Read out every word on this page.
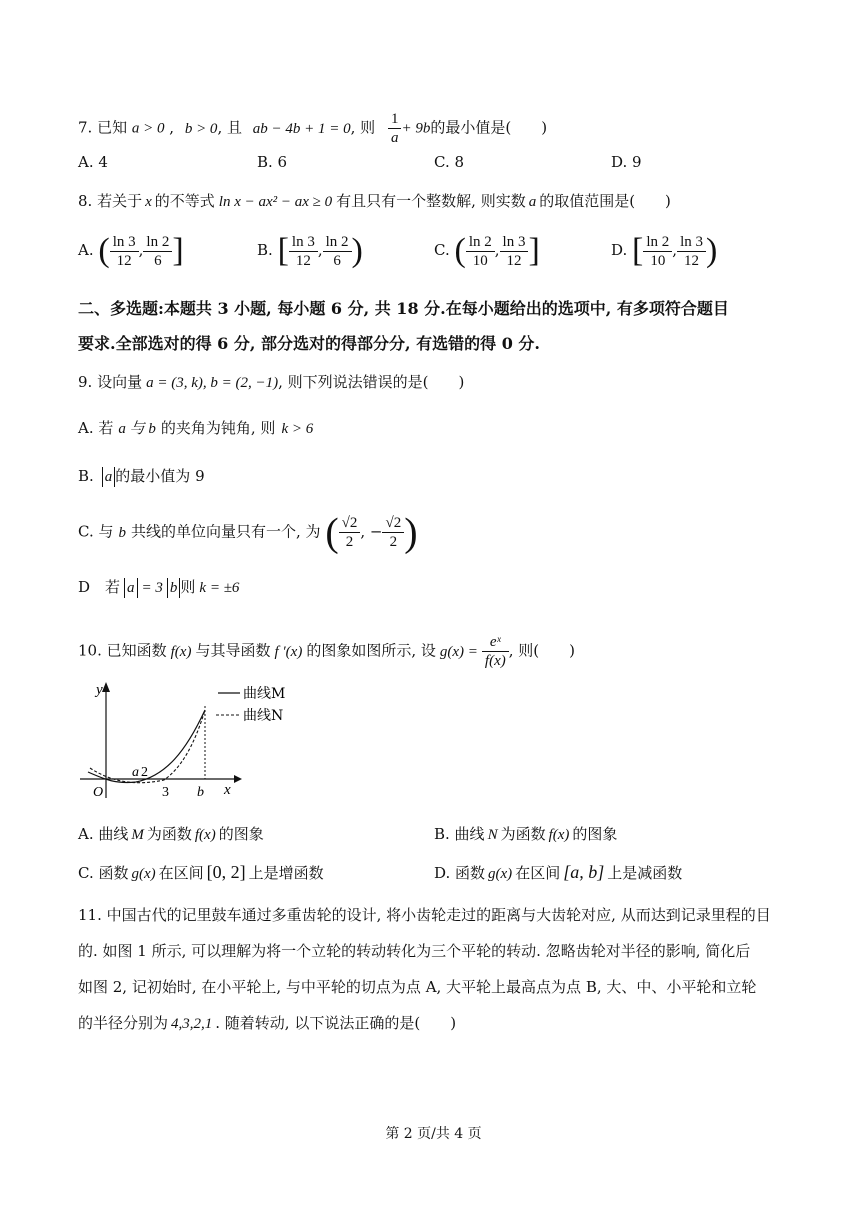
7. 已知 a > 0 , b > 0, 且 ab − 4b + 1 = 0, 则 $\frac{1}{a} + 9b$的最小值是(　　)
A. 4	B. 6	C. 8	D. 9
8. 若关于 x 的不等式 ln x − ax² − ax ≥ 0 有且只有一个整数解, 则实数 a 的取值范围是(　　)
A. ( $\frac{\ln 3}{12}$ , $\frac{\ln 2}{6}$ ]	B. [ $\frac{\ln 3}{12}$ , $\frac{\ln 2}{6}$ )	C. ( $\frac{\ln 2}{10}$ , $\frac{\ln 3}{12}$ ]	D. [ $\frac{\ln 2}{10}$ , $\frac{\ln 3}{12}$ )
二、多选题:本题共 3 小题, 每小题 6 分, 共 18 分.在每小题给出的选项中, 有多项符合题目
要求.全部选对的得 6 分, 部分选对的得部分分, 有选错的得 0 分.
9. 设向量 a = (3, k), b = (2, −1), 则下列说法错误的是(　　)
A. 若 a 与 b 的夹角为钝角, 则 k > 6
B. a 的最小值为 9
C. 与 b 共线的单位向量只有一个, 为 ( $\frac{√2}{2}$ , − $\frac{√2}{2}$ )
D　若 a = 3 b 则 k = ±6
10. 已知函数 f(x) 与其导函数 f ′(x) 的图象如图所示, 设 $g(x) = \frac{\text{eˣ}}{f(x)}$ , 则(　　)
y
x
O
a 2
3 b
曲线M
曲线N
A. 曲线 M 为函数 f(x) 的图象	B. 曲线 N 为函数 f(x) 的图象
C. 函数 g(x) 在区间 [0, 2] 上是增函数	D. 函数 g(x) 在区间 [a, b] 上是减函数
11. 中国古代的记里鼓车通过多重齿轮的设计, 将小齿轮走过的距离与大齿轮对应, 从而达到记录里程的目
的. 如图 1 所示, 可以理解为将一个立轮的转动转化为三个平轮的转动. 忽略齿轮对半径的影响, 简化后
如图 2, 记初始时, 在小平轮上, 与中平轮的切点为点 A, 大平轮上最高点为点 B, 大、中、小平轮和立轮
的半径分别为 4,3,2,1 . 随着转动, 以下说法正确的是(　　)
第 2 页/共 4 页
